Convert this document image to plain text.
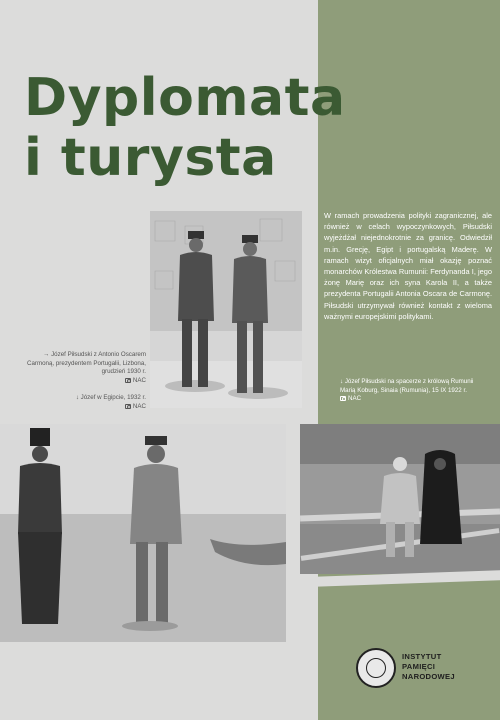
Dyplomata
i turysta

W ramach prowadzenia polityki zagranicznej, ale również w celach wypoczynkowych, Piłsudski wyjeżdżał niejednokrotnie za granicę. Odwiedził m.in. Grecję, Egipt i portugalską Maderę. W ramach wizyt oficjalnych miał okazję poznać monarchów Królestwa Rumunii: Ferdynanda I, jego żonę Marię oraz ich syna Karola II, a także prezydenta Portugalii Antonia Oscara de Carmonę. Piłsudski utrzymywał również kontakt z wieloma ważnymi europejskimi politykami.

→ Józef Piłsudski z Antonio Oscarem Carmoną, prezydentem Portugalii, Lizbona, grudzień 1930 r.
NAC

↓ Józef w Egipcie, 1932 r.
NAC

↓ Józef Piłsudski na spacerze z królową Rumunii Marią Koburg, Sinaia (Rumunia), 15 IX 1922 r.
NAC

INSTYTUT
PAMIĘCI
NARODOWEJ
